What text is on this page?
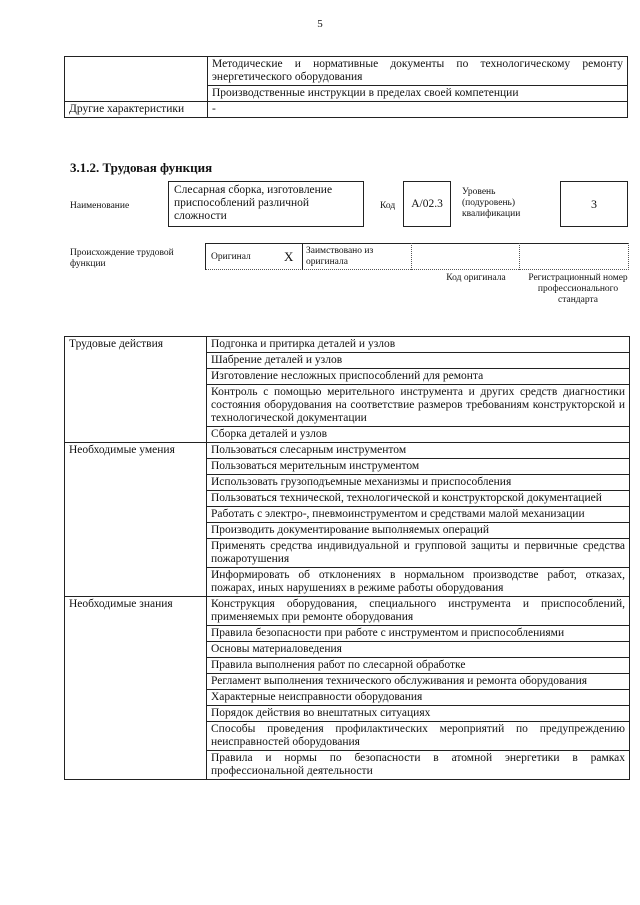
5
	Методические и нормативные документы по технологическому ремонту энергетического оборудования
	Производственные инструкции в пределах своей компетенции
Другие характеристики	-
3.1.2. Трудовая функция
Наименование
Слесарная сборка, изготовление приспособлений различной сложности
Код	A/02.3
Уровень (подуровень) квалификации
3
Происхождение трудовой функции
Оригинал	X Заимствовано из оригинала
Код оригинала	Регистрационный номер профессионального стандарта
Трудовые действия	Подгонка и притирка деталей и узлов
	Шабрение деталей и узлов
	Изготовление несложных приспособлений для ремонта
	Контроль с помощью мерительного инструмента и других средств диагностики состояния оборудования на соответствие размеров требованиям конструкторской и технологической документации
	Сборка деталей и узлов
Необходимые умения	Пользоваться слесарным инструментом
	Пользоваться мерительным инструментом
	Использовать грузоподъемные механизмы и приспособления
	Пользоваться технической, технологической и конструкторской документацией
	Работать с электро-, пневмоинструментом и средствами малой механизации
	Производить документирование выполняемых операций
	Применять средства индивидуальной и групповой защиты и первичные средства пожаротушения
	Информировать об отклонениях в нормальном производстве работ, отказах, пожарах, иных нарушениях в режиме работы оборудования
Необходимые знания	Конструкция оборудования, специального инструмента и приспособлений, применяемых при ремонте оборудования
	Правила безопасности при работе с инструментом и приспособлениями
	Основы материаловедения
	Правила выполнения работ по слесарной обработке
	Регламент выполнения технического обслуживания и ремонта оборудования
	Характерные неисправности оборудования
	Порядок действия во внештатных ситуациях
	Способы проведения профилактических мероприятий по предупреждению неисправностей оборудования
	Правила и нормы по безопасности в атомной энергетики в рамках профессиональной деятельности
